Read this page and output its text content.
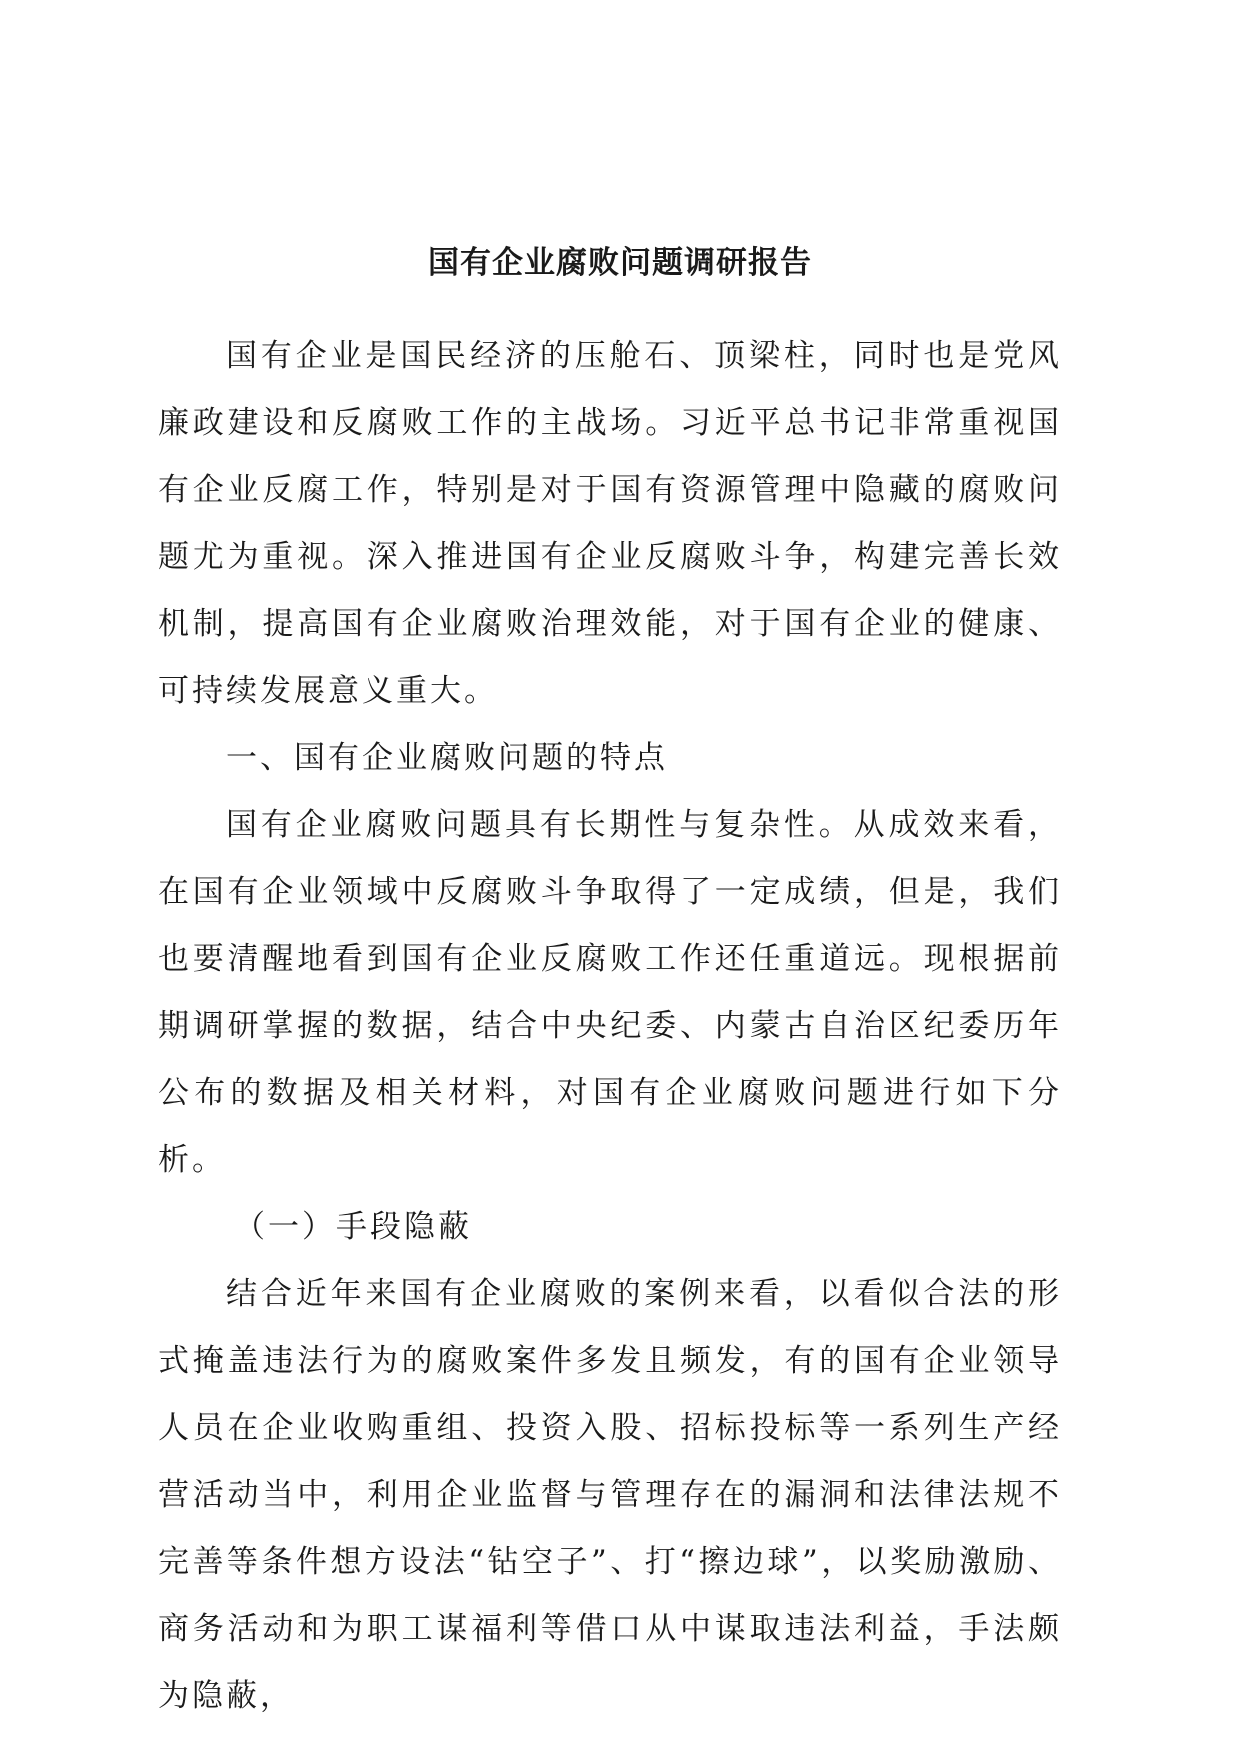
国有企业腐败问题调研报告

国有企业是国民经济的压舱石、顶梁柱，同时也是党风廉政建设和反腐败工作的主战场。习近平总书记非常重视国有企业反腐工作，特别是对于国有资源管理中隐藏的腐败问题尤为重视。深入推进国有企业反腐败斗争，构建完善长效机制，提高国有企业腐败治理效能，对于国有企业的健康、可持续发展意义重大。

一、国有企业腐败问题的特点

国有企业腐败问题具有长期性与复杂性。从成效来看，在国有企业领域中反腐败斗争取得了一定成绩，但是，我们也要清醒地看到国有企业反腐败工作还任重道远。现根据前期调研掌握的数据，结合中央纪委、内蒙古自治区纪委历年公布的数据及相关材料，对国有企业腐败问题进行如下分析。

（一）手段隐蔽

结合近年来国有企业腐败的案例来看，以看似合法的形式掩盖违法行为的腐败案件多发且频发，有的国有企业领导人员在企业收购重组、投资入股、招标投标等一系列生产经营活动当中，利用企业监督与管理存在的漏洞和法律法规不完善等条件想方设法“钻空子”、打“擦边球”，以奖励激励、商务活动和为职工谋福利等借口从中谋取违法利益，手法颇为隐蔽，
